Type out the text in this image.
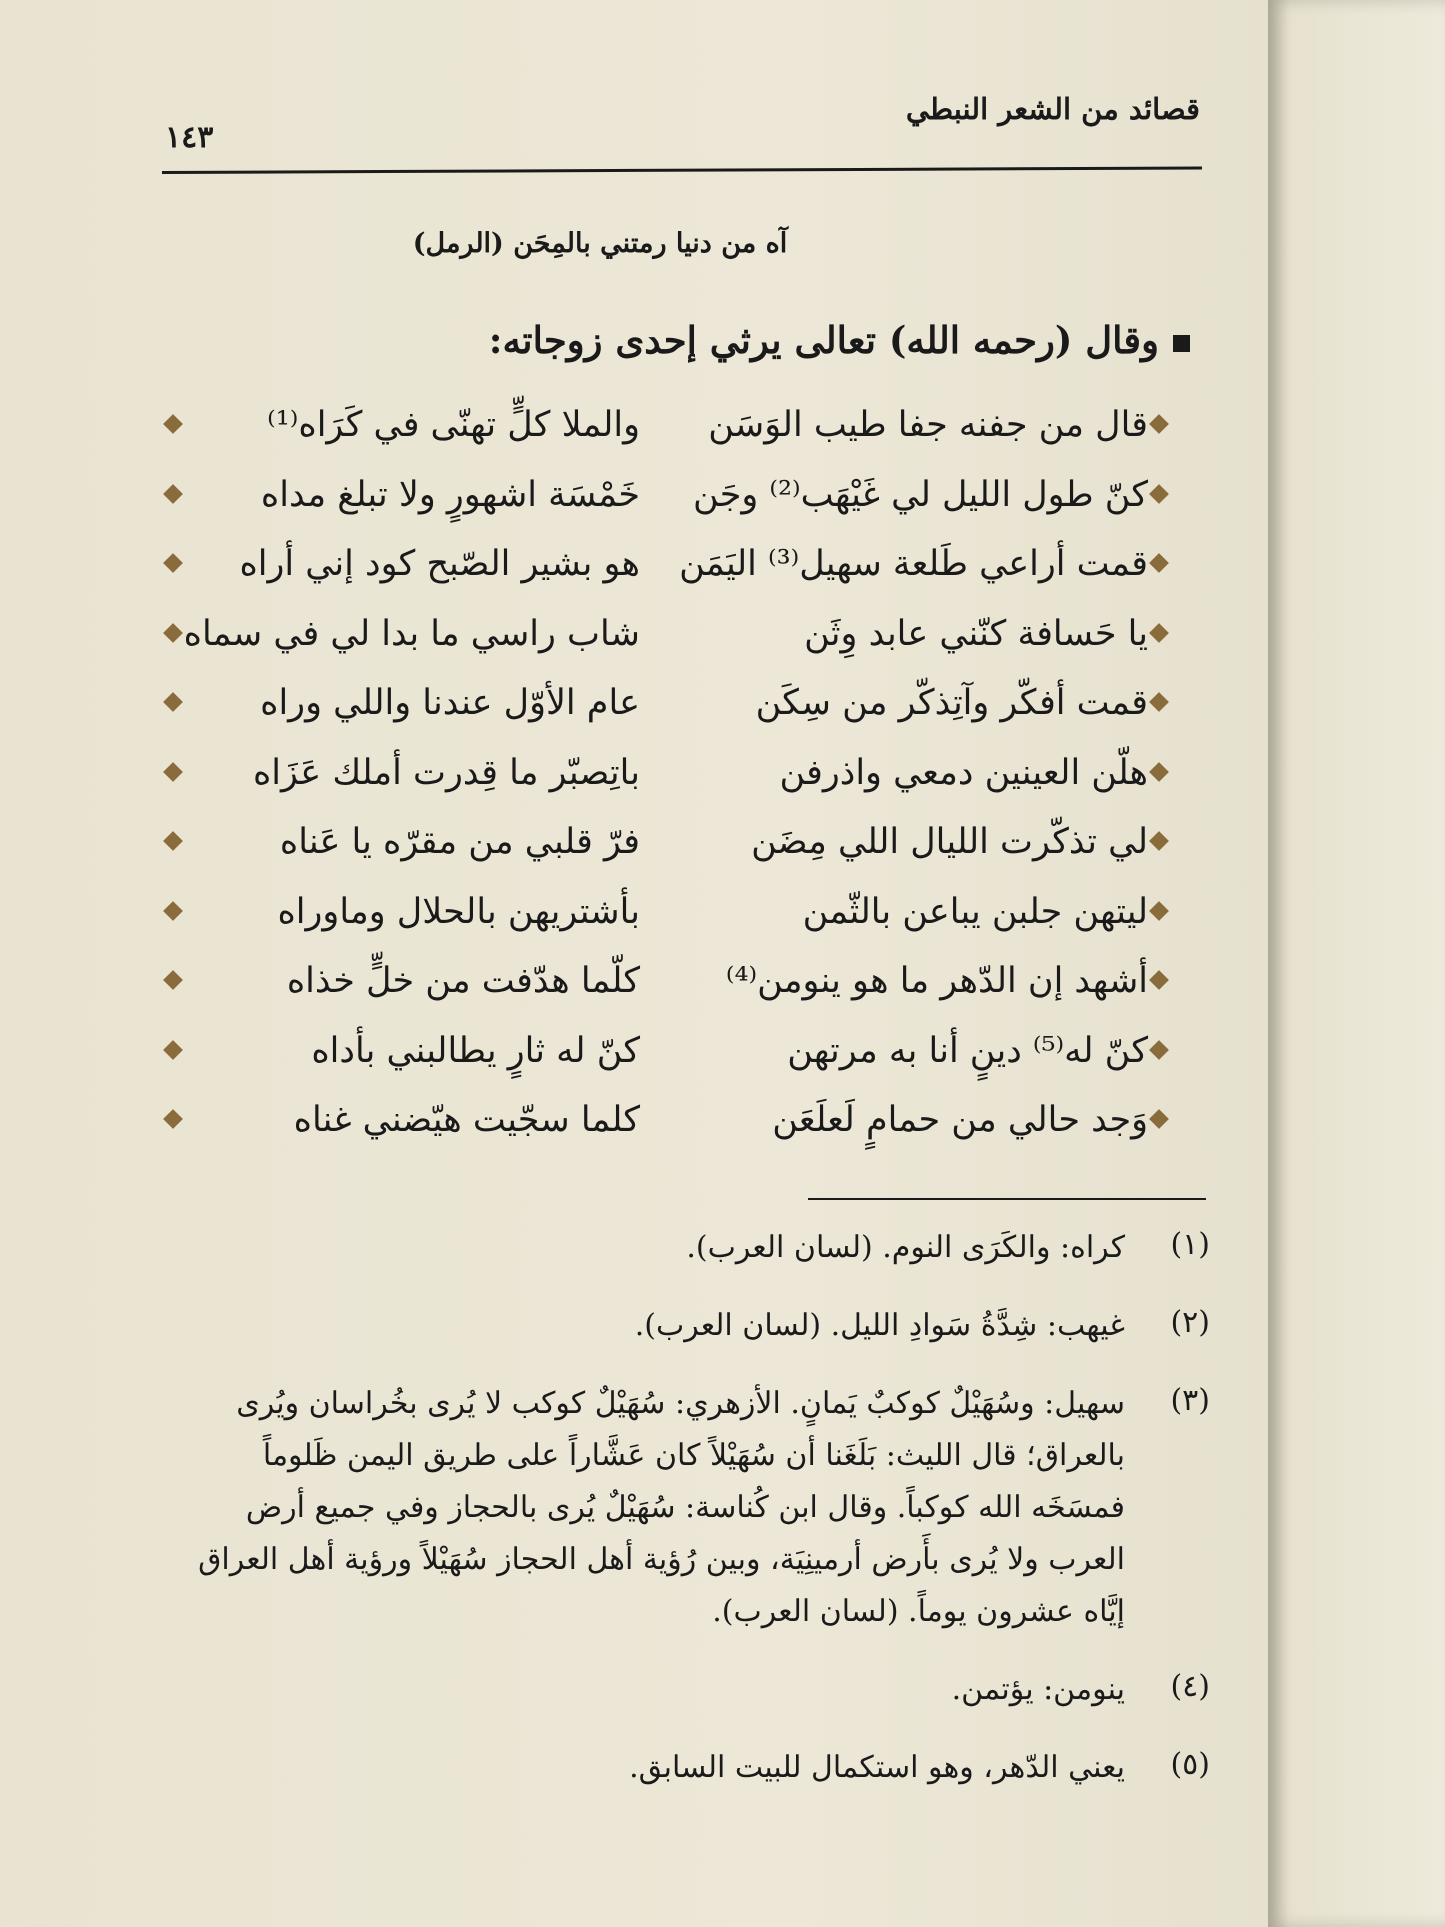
قصائد من الشعر النبطي
١٤٣
آه من دنيا رمتني بالمِحَن (الرمل)
وقال (رحمه الله) تعالى يرثي إحدى زوجاته:
قال من جفنه جفا طيب الوَسَن
والملا كلٍّ تهنّى في كَرَاه⁽¹⁾
كنّ طول الليل لي غَيْهَب⁽²⁾ وجَن
خَمْسَة اشهورٍ ولا تبلغ مداه
قمت أراعي طَلعة سهيل⁽³⁾ اليَمَن
هو بشير الصّبح كود إني أراه
يا حَسافة كنّني عابد وِثَن
شاب راسي ما بدا لي في سماه
قمت أفكّر وآتِذكّر من سِكَن
عام الأوّل عندنا واللي وراه
هلّن العينين دمعي واذرفن
باتِصبّر ما قِدرت أملك عَزَاه
لي تذكّرت الليال اللي مِضَن
فرّ قلبي من مقرّه يا عَناه
ليتهن جلبن يباعن بالثّمن
بأشتريهن بالحلال وماوراه
أشهد إن الدّهر ما هو ينومن⁽⁴⁾
كلّما هدّفت من خلٍّ خذاه
كنّ له⁽⁵⁾ دينٍ أنا به مرتهن
كنّ له ثارٍ يطالبني بأداه
وَجد حالي من حمامٍ لَعلَعَن
كلما سجّيت هيّضني غناه
(١)
كراه: والكَرَى النوم. (لسان العرب).
(٢)
غيهب: شِدَّةُ سَوادِ الليل. (لسان العرب).
(٣)
سهيل: وسُهَيْلٌ كوكبٌ يَمانٍ. الأزهري: سُهَيْلٌ كوكب لا يُرى بخُراسان ويُرى بالعراق؛ قال الليث: بَلَغَنا أن سُهَيْلاً كان عَشَّاراً على طريق اليمن ظَلوماً فمسَخَه الله كوكباً. وقال ابن كُناسة: سُهَيْلٌ يُرى بالحجاز وفي جميع أرض العرب ولا يُرى بأَرض أرمينِيَة، وبين رُؤية أهل الحجاز سُهَيْلاً ورؤية أهل العراق إيَّاه عشرون يوماً. (لسان العرب).
(٤)
ينومن: يؤتمن.
(٥)
يعني الدّهر، وهو استكمال للبيت السابق.
